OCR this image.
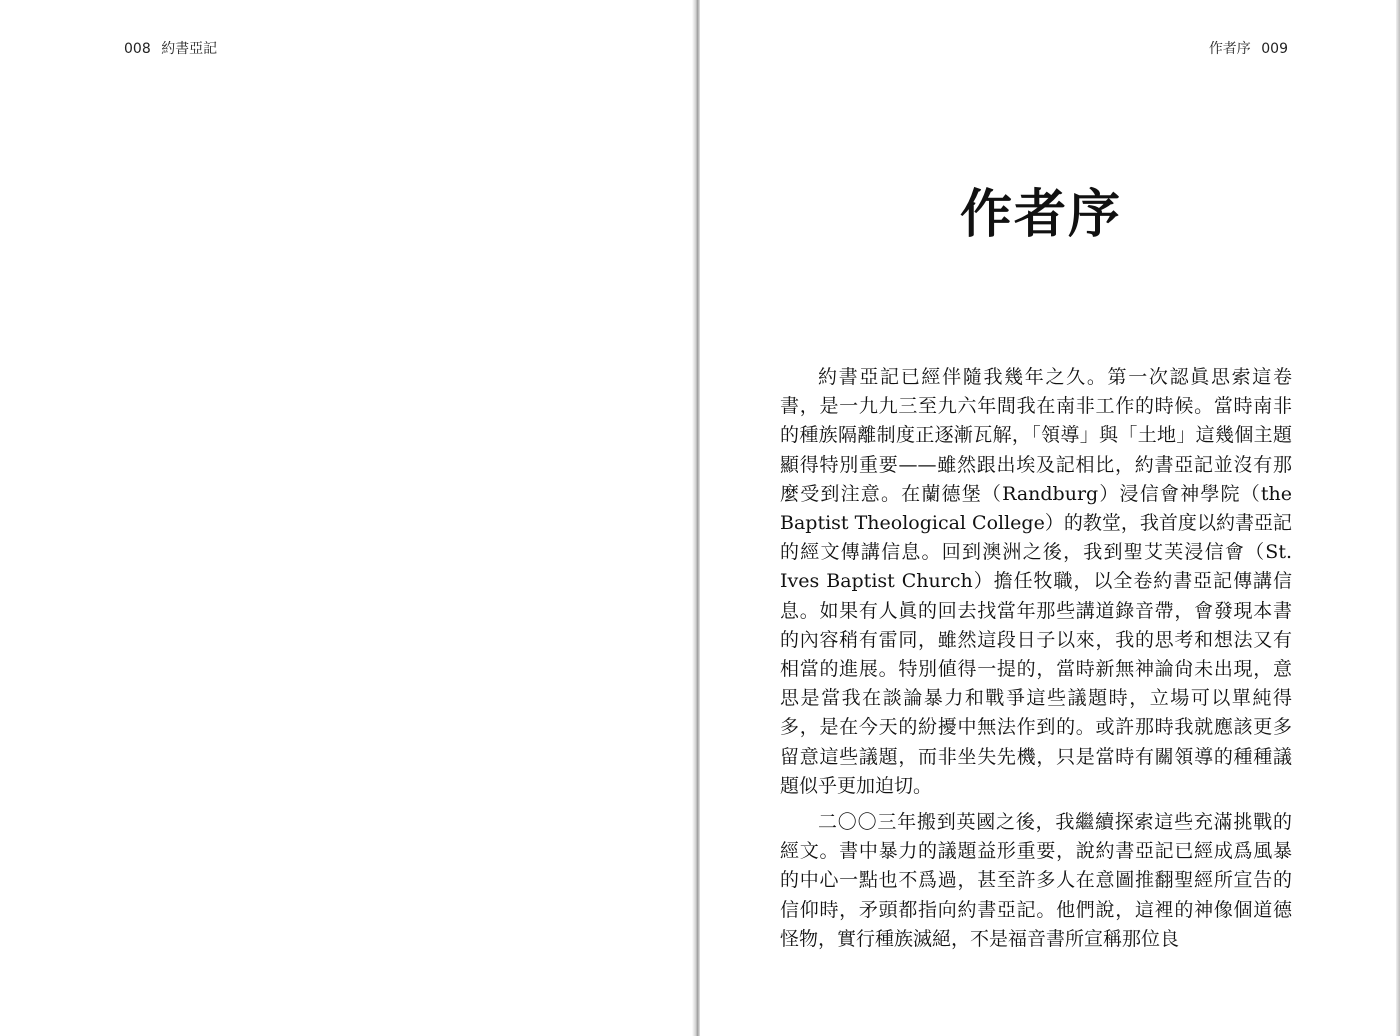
008 約書亞記	作者序 009
作者序

約書亞記已經伴隨我幾年之久。第一次認眞思索這卷書，是一九九三至九六年間我在南非工作的時候。當時南非的種族隔離制度正逐漸瓦解，「領導」與「土地」這幾個主題顯得特別重要——雖然跟出埃及記相比，約書亞記並沒有那麼受到注意。在蘭德堡（Randburg）浸信會神學院（the Baptist Theological College）的教堂，我首度以約書亞記的經文傳講信息。回到澳洲之後，我到聖艾芙浸信會（St. Ives Baptist Church）擔任牧職，以全卷約書亞記傳講信息。如果有人眞的回去找當年那些講道錄音帶，會發現本書的內容稍有雷同，雖然這段日子以來，我的思考和想法又有相當的進展。特別値得一提的，當時新無神論尙未出現，意思是當我在談論暴力和戰爭這些議題時，立場可以單純得多，是在今天的紛擾中無法作到的。或許那時我就應該更多留意這些議題，而非坐失先機，只是當時有關領導的種種議題似乎更加迫切。

二〇〇三年搬到英國之後，我繼續探索這些充滿挑戰的經文。書中暴力的議題益形重要，說約書亞記已經成爲風暴的中心一點也不爲過，甚至許多人在意圖推翻聖經所宣告的信仰時，矛頭都指向約書亞記。他們說，這裡的神像個道德怪物，實行種族滅絕，不是福音書所宣稱那位良
